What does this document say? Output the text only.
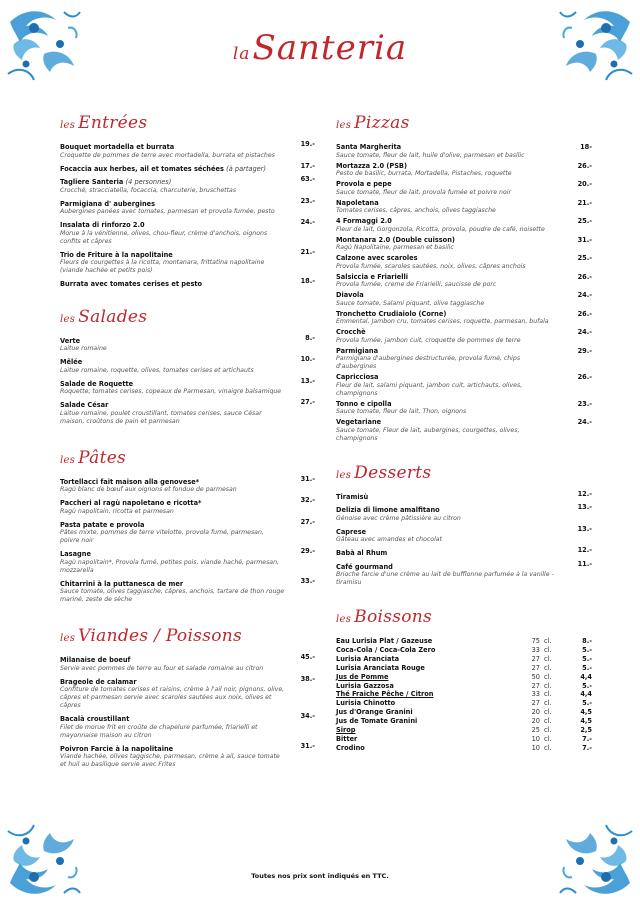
laSanteria
les Entrées
Bouquet mortadella et burrata
Croquette de pommes de terre avec mortadella, burrata et pistaches
19.-
Focaccia aux herbes, ail et tomates séchées (à partager)	17.-
Tagliere Santeria (4 personnes)
Crocché, stracciatella, focaccia, charcuterie, bruschettas
63.-
Parmigiana d' aubergines
Aubergines panées avec tomates, parmesan et provola fumée, pesto
23.-
Insalata di rinforzo 2.0
Morue à la vénitienne, olives, chou-fleur, crème d'anchois, oignons confits et câpres
24.-
Trio de Friture à la napolitaine
Fleurs de courgettes à la ricotta, montanara, frittatina napolitaine (viande hachée et petits pois)
21.-
Burrata avec tomates cerises et pesto	18.-
les Salades
Verte
Laitue romaine
8.-
Mêlée
Laitue romaine, roquette, olives, tomates cerises et artichauts
10.-
Salade de Roquette
Roquette, tomates cerises, copeaux de Parmesan, vinaigre balsamique
13.-
Salade César
Laitue romaine, poulet croustillant, tomates cerises, sauce César maison, croûtons de pain et parmesan
27.-
les Pâtes
Tortellacci fait maison alla genovese*
Ragù blanc de bœuf aux oignons et fondue de parmesan
31.-
Paccheri al ragù napoletano e ricotta*
Ragù napolitain, ricotta et parmesan
32.-
Pasta patate e provola
Pâtes mixte, pommes de terre vitelotte, provola fumé, parmesan, poivre noir
27.-
Lasagne
Ragù napolitain*, Provola fumé, petites pois, viande haché, parmesan, mozzarella
29.-
Chitarrini à la puttanesca de mer
Sauce tomate, olives taggiasche, câpres, anchois, tartare de thon rouge mariné, zeste de sèche
33.-
les Viandes / Poissons
Milanaise de boeuf
Servie avec pommes de terre au four et salade romaine au citron
45.-
Brageole de calamar
Confiture de tomates cerises et raisins, crème à l'ail noir, pignons, olive, câpres et parmesan servie avec scaroles sautées aux noix, olives et câpres
38.-
Bacalà croustillant
Filet de morue frit en croûte de chapelure parfumée, friarielli et mayonnaise maison au citron
34.-
Poivron Farcie à la napolitaine
Viande hachée, olives taggische, parmesan, crème à ail, sauce tomate et huil au basilique servie avec Frites
31.-
les Pizzas
Santa Margherita
Sauce tomate, fleur de lait, huile d'olive, parmesan et basilic
18-
Mortazza 2.0 (PSB)
Pesto de basilic, burrata, Mortadella, Pistaches, roquette
26.-
Provola e pepe
Sauce tomate, fleur de lait, provola fumée et poivre noir
20.-
Napoletana
Tomates cerises, câpres, anchois, olives taggiasche
21.-
4 Formaggi 2.0
Fleur de lait, Gorgonzola, Ricotta, provola, poudre de café, noisette
25.-
Montanara 2.0 (Double cuisson)
Ragù Napolitaine, parmesan et basilic
31.-
Calzone avec scaroles
Provola fumée, scaroles sautées, noix, olives, câpres anchois
25.-
Salsiccia e Friarielli
Provola fumée, creme de Friarielli, saucisse de porc
26.-
Diavola
Sauce tomate, Salami piquant, olive taggiasche
24.-
Tronchetto Crudiaiolo (Corne)
Emmental, Jambon cru, tomates cerises, roquette, parmesan, bufala
26.-
Crocchè
Provola fumée, jambon cuit, croquette de pommes de terre
24.-
Parmigiana
Parmigiana d'aubergines destructurée, provola fumé, chips d'aubergines
29.-
Capricciosa
Fleur de lait, salami piquant, jambon cuit, artichauts, olives, champignons
26.-
Tonno e cipolla
Sauce tomate, fleur de lait, Thon, oignons
23.-
Vegetariane
Sauce tomate, Fleur de lait, aubergines, courgettes, olives, champignons
24.-
les Desserts
Tiramisù	12.-
Delizia di limone amalfitano
Génoise avec crème pâtissière au citron
13.-
Caprese
Gâteau avec amandes et chocolat
13.-
Babà al Rhum	12.-
Café gourmand
Brioche farcie d'une crème au lait de bufflonne parfumée à la vanille - tiramisu
11.-
les Boissons
Eau Lurisia Plat / Gazeuse	75 cl.	8.-
Coca-Cola / Coca-Cola Zero	33 cl.	5.-
Lurisia Aranciata	27 cl.	5.-
Lurisia Aranciata Rouge	27 cl.	5.-
Jus de Pomme	50 cl.	4,4
Lurisia Gazzosa	27 cl.	5.-
Thé Fraiche Pêche / Citron	33 cl.	4,4
Lurisia Chinotto	27 cl.	5.-
Jus d'Orange Granini	20 cl.	4,5
Jus de Tomate Granini	20 cl.	4,5
Sirop	25 cl.	2,5
Bitter	10 cl.	7.-
Crodino	10 cl.	7.-
Toutes nos prix sont indiqués en TTC.
